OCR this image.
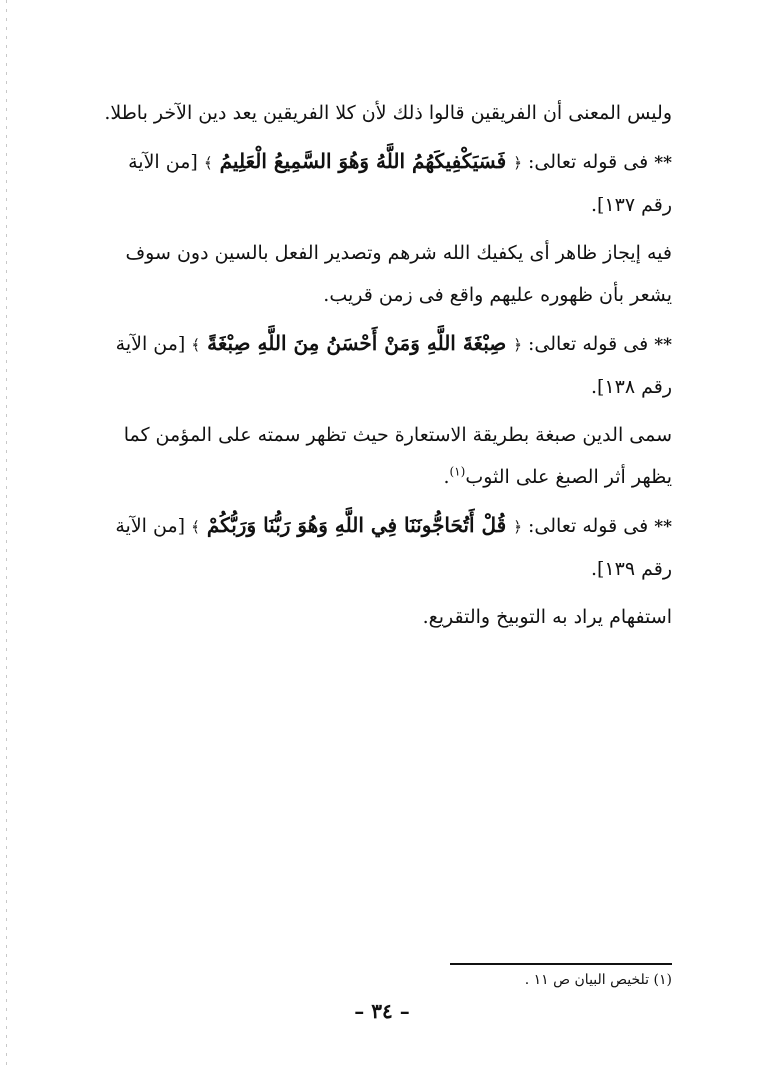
وليس المعنى أن الفريقين قالوا ذلك لأن كلا الفريقين يعد دين الآخر باطلا.

** فى قوله تعالى: ﴿ فَسَيَكْفِيكَهُمُ اللَّهُ وَهُوَ السَّمِيعُ الْعَلِيمُ ﴾ [من الآية رقم ١٣٧].

فيه إيجاز ظاهر أى يكفيك الله شرهم وتصدير الفعل بالسين دون سوف يشعر بأن ظهوره عليهم واقع فى زمن قريب.

** فى قوله تعالى: ﴿ صِبْغَةَ اللَّهِ وَمَنْ أَحْسَنُ مِنَ اللَّهِ صِبْغَةً ﴾ [من الآية رقم ١٣٨].

سمى الدين صبغة بطريقة الاستعارة حيث تظهر سمته على المؤمن كما يظهر أثر الصبغ على الثوب$^{(١)}$.

** فى قوله تعالى: ﴿ قُلْ أَتُحَاجُّونَنَا فِي اللَّهِ وَهُوَ رَبُّنَا وَرَبُّكُمْ ﴾ [من الآية رقم ١٣٩].

استفهام يراد به التوبيخ والتقريع.

(١) تلخيص البيان ص ١١ .
– ٣٤ –
